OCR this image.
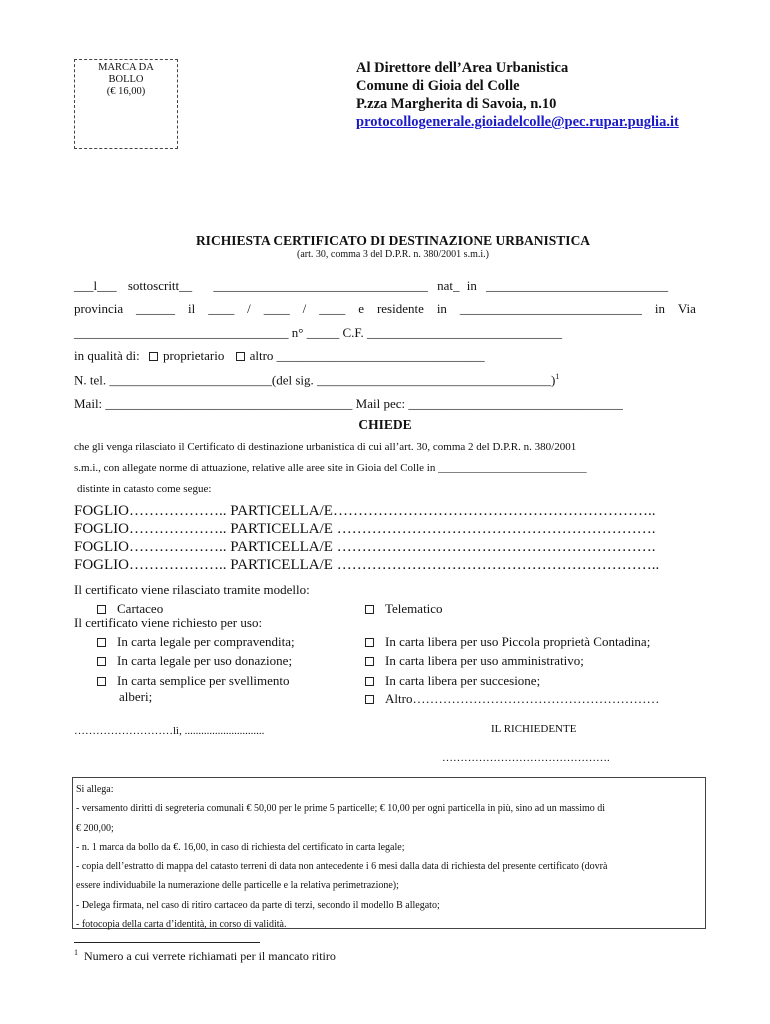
MARCA DA
BOLLO
(€ 16,00)
Al Direttore dell’Area Urbanistica
Comune di Gioia del Colle
P.zza Margherita di Savoia, n.10
protocollogenerale.gioiadelcolle@pec.rupar.puglia.it
RICHIESTA CERTIFICATO DI DESTINAZIONE URBANISTICA
(art. 30, comma 3 del D.P.R. n. 380/2001 s.m.i.)
___l___ sottoscritt__ _________________________________ nat_ in ____________________________
provincia ______ il ____ / ____ / ____ e residente in ____________________________ in Via
_________________________________ n° _____ C.F. ______________________________
in qualità di: proprietario altro ________________________________
N. tel. _________________________(del sig. ____________________________________)$^1$
Mail: ______________________________________ Mail pec: _________________________________
CHIEDE
che gli venga rilasciato il Certificato di destinazione urbanistica di cui all’art. 30, comma 2 del D.P.R. n. 380/2001
s.m.i., con allegate norme di attuazione, relative alle aree site in Gioia del Colle in ___________________________
distinte in catasto come segue:
FOGLIO……………….. PARTICELLA/E………………………………………………………..
FOGLIO……………….. PARTICELLA/E ……………………………………………………….
FOGLIO……………….. PARTICELLA/E ……………………………………………………….
FOGLIO……………….. PARTICELLA/E ………………………………………………………..
Il certificato viene rilasciato tramite modello:
Cartaceo	Telematico
Il certificato viene richiesto per uso:
In carta legale per compravendita;
In carta legale per uso donazione;
In carta semplice per svellimento
alberi;
In carta libera per uso Piccola proprietà Contadina;
In carta libera per uso amministrativo;
In carta libera per succesione;
Altro…………………………………………………
………………………lì, .............................	IL RICHIEDENTE
……………………………………….
Si allega:
- versamento diritti di segreteria comunali € 50,00 per le prime 5 particelle; € 10,00 per ogni particella in più, sino ad un massimo di
€ 200,00;
- n. 1 marca da bollo da €. 16,00, in caso di richiesta del certificato in carta legale;
- copia dell’estratto di mappa del catasto terreni di data non antecedente i 6 mesi dalla data di richiesta del presente certificato (dovrà
essere individuabile la numerazione delle particelle e la relativa perimetrazione);
- Delega firmata, nel caso di ritiro cartaceo da parte di terzi, secondo il modello B allegato;
- fotocopia della carta d’identità, in corso di validità.
$^1$ Numero a cui verrete richiamati per il mancato ritiro
